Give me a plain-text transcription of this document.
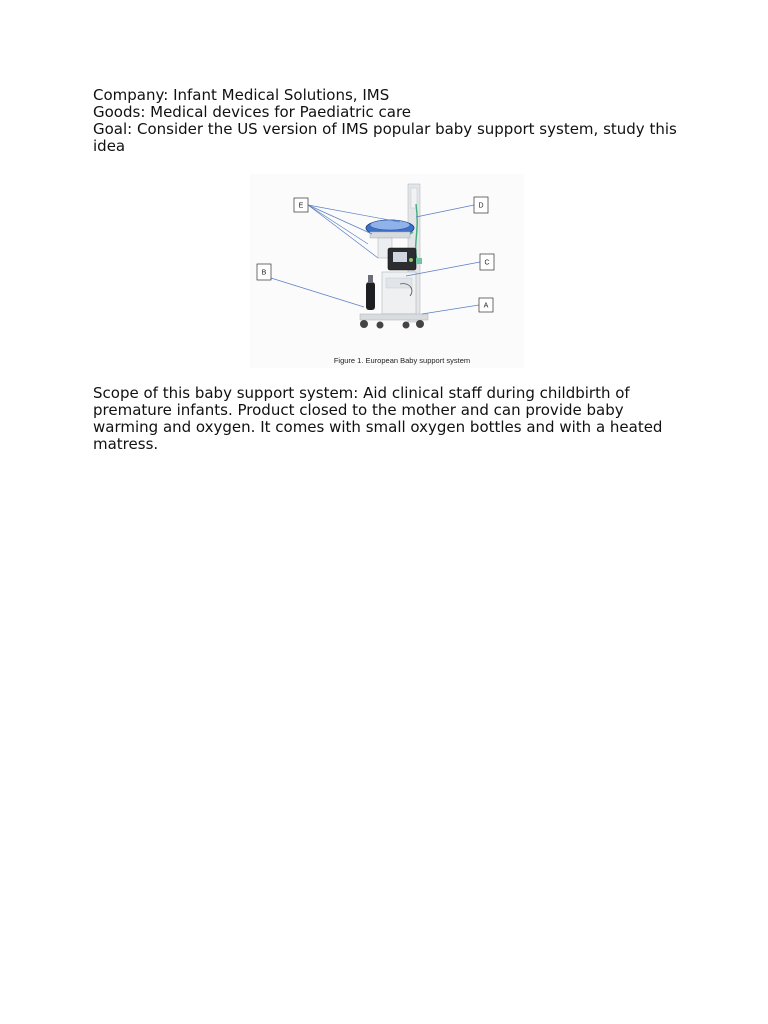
Company: Infant Medical Solutions, IMS
Goods: Medical devices for Paediatric care
Goal: Consider the US version of IMS popular baby support system, study this idea
E	D
C
B
A
Figure 1. European Baby support system
Scope of this baby support system: Aid clinical staff during childbirth of premature infants. Product closed to the mother and can provide baby warming and oxygen. It comes with small oxygen bottles and with a heated matress.
